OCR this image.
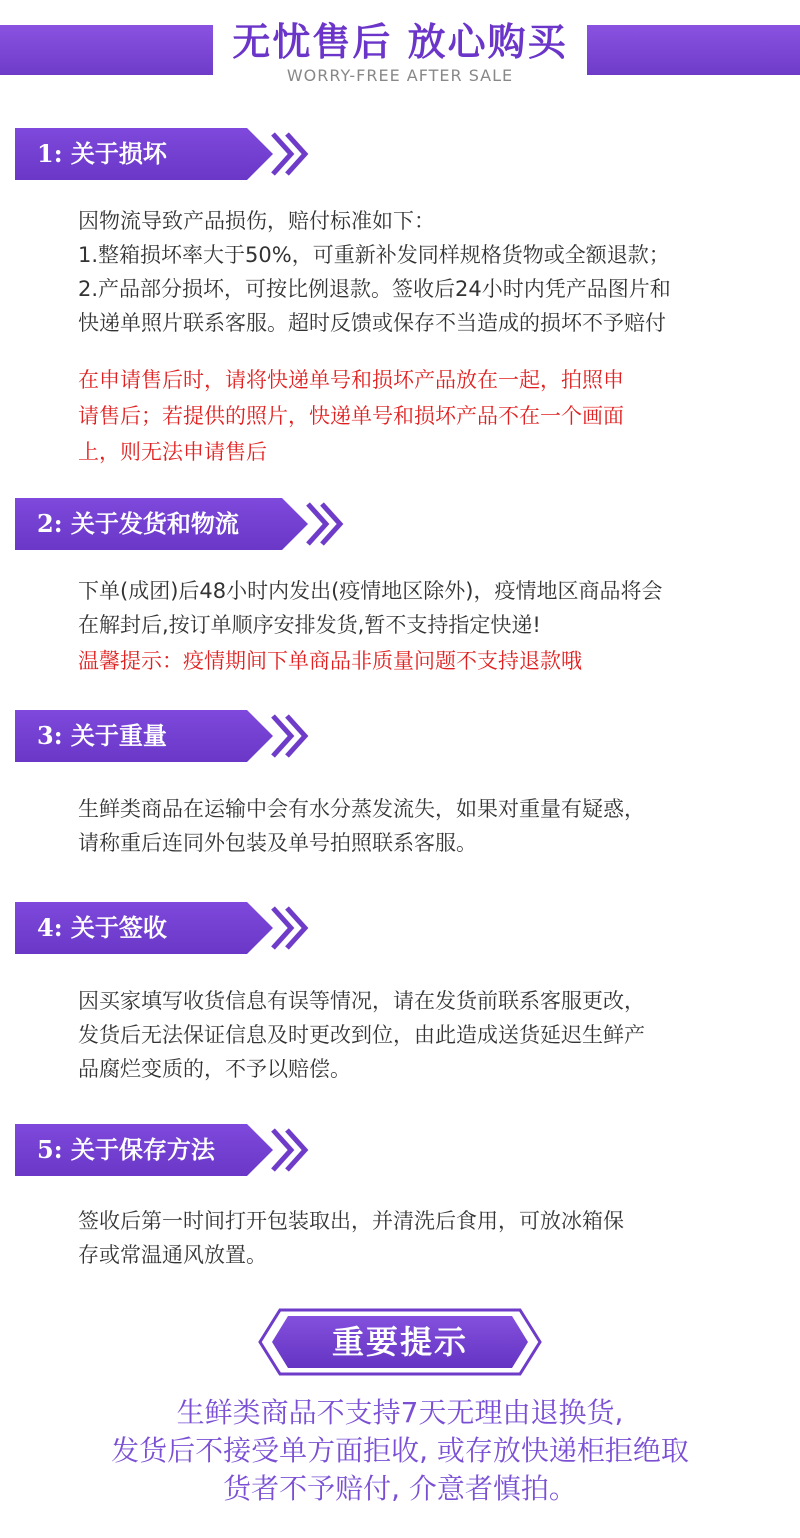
无忧售后 放心购买
WORRY-FREE AFTER SALE
1: 关于损坏

因物流导致产品损伤，赔付标准如下：

1.整箱损坏率大于50%，可重新补发同样规格货物或全额退款；

2.产品部分损坏，可按比例退款。签收后24小时内凭产品图片和

快递单照片联系客服。超时反馈或保存不当造成的损坏不予赔付

在申请售后时，请将快递单号和损坏产品放在一起，拍照申

请售后；若提供的照片，快递单号和损坏产品不在一个画面

上，则无法申请售后

2: 关于发货和物流

下单(成团)后48小时内发出(疫情地区除外)，疫情地区商品将会

在解封后,按订单顺序安排发货,暂不支持指定快递!

温馨提示：疫情期间下单商品非质量问题不支持退款哦

3: 关于重量

生鲜类商品在运输中会有水分蒸发流失，如果对重量有疑惑，

请称重后连同外包装及单号拍照联系客服。

4: 关于签收

因买家填写收货信息有误等情况，请在发货前联系客服更改，

发货后无法保证信息及时更改到位，由此造成送货延迟生鲜产

品腐烂变质的，不予以赔偿。

5: 关于保存方法

签收后第一时间打开包装取出，并清洗后食用，可放冰箱保

存或常温通风放置。

重要提示

生鲜类商品不支持7天无理由退换货,

发货后不接受单方面拒收, 或存放快递柜拒绝取

货者不予赔付, 介意者慎拍。
